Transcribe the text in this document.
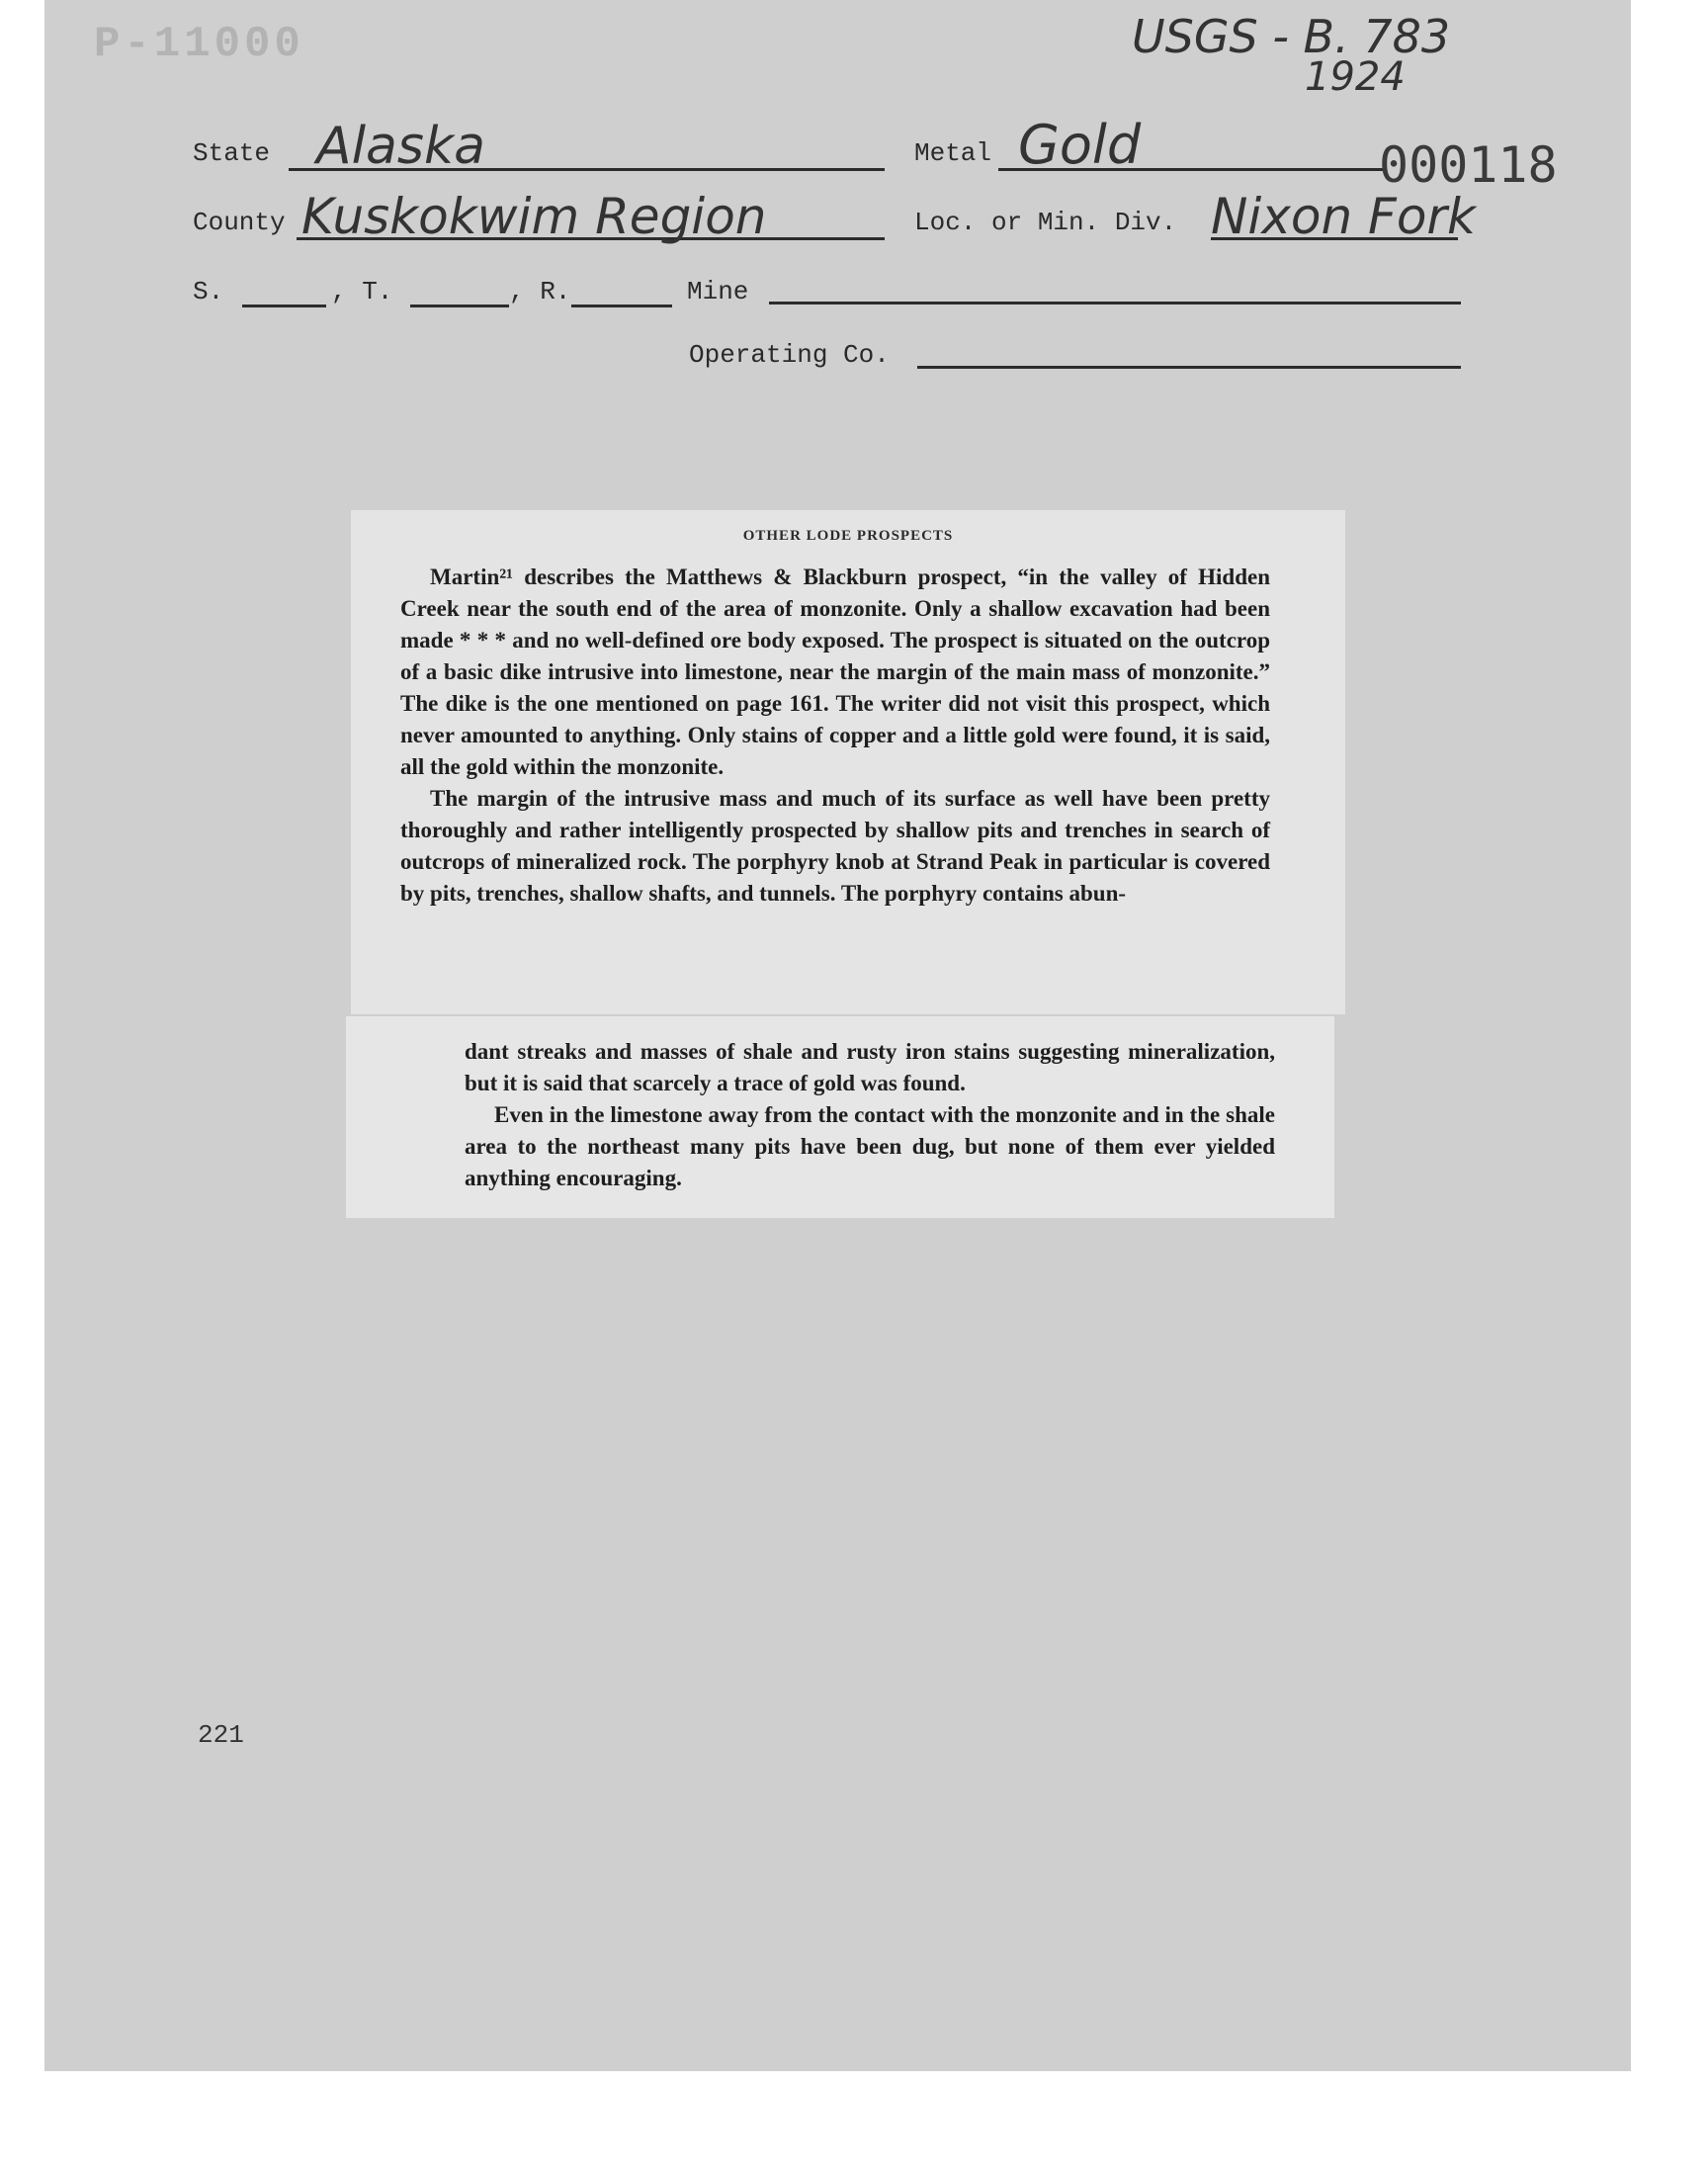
P-11000	USGS - B. 783
1924
State Alaska	Metal Gold	000118
County Kuskokwim Region	Loc. or Min. Div. Nixon Fork
S.	, T.	, R.	Mine
Operating Co.
OTHER LODE PROSPECTS

Martin²¹ describes the Matthews & Blackburn prospect, “in the valley of Hidden Creek near the south end of the area of monzonite. Only a shallow excavation had been made * * * and no well-defined ore body exposed. The prospect is situated on the outcrop of a basic dike intrusive into limestone, near the margin of the main mass of monzonite.” The dike is the one mentioned on page 161. The writer did not visit this prospect, which never amounted to anything. Only stains of copper and a little gold were found, it is said, all the gold within the monzonite.

The margin of the intrusive mass and much of its surface as well have been pretty thoroughly and rather intelligently prospected by shallow pits and trenches in search of outcrops of mineralized rock. The porphyry knob at Strand Peak in particular is covered by pits, trenches, shallow shafts, and tunnels. The porphyry contains abun-

dant streaks and masses of shale and rusty iron stains suggesting mineralization, but it is said that scarcely a trace of gold was found.

Even in the limestone away from the contact with the monzonite and in the shale area to the northeast many pits have been dug, but none of them ever yielded anything encouraging.

221
